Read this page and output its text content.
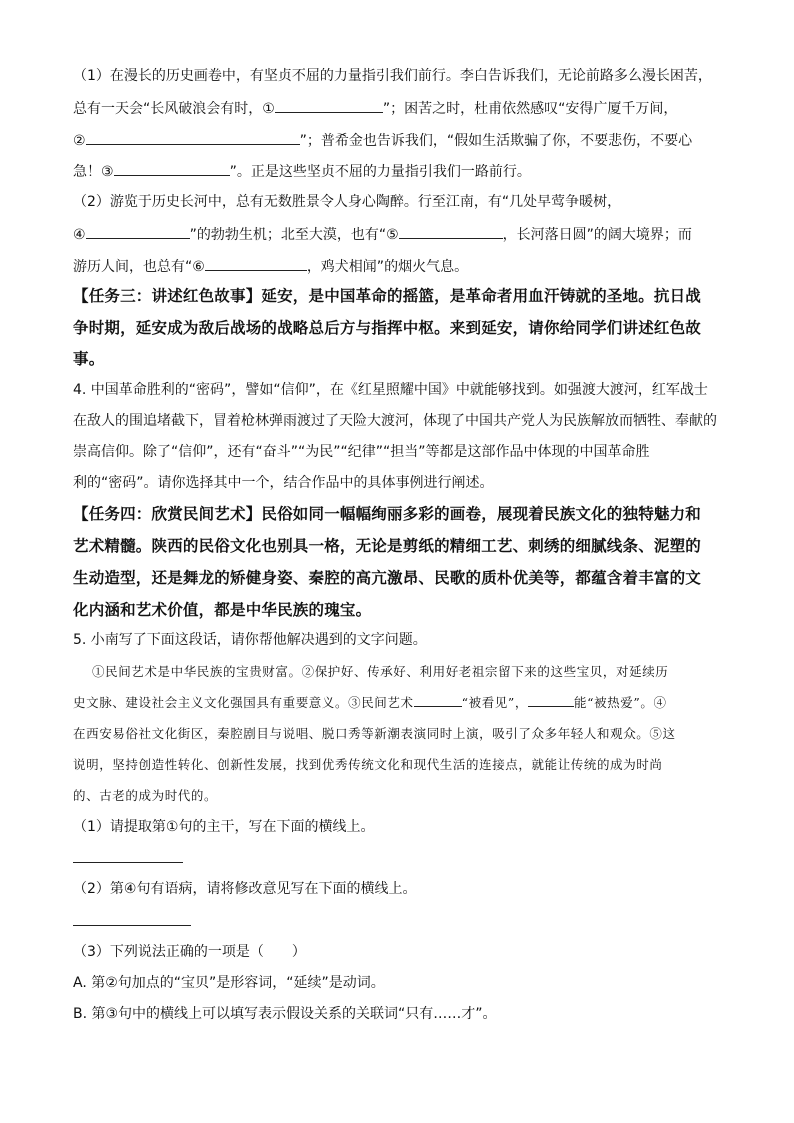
（1）在漫长的历史画卷中，有坚贞不屈的力量指引我们前行。李白告诉我们，无论前路多么漫长困苦，
总有一天会“长风破浪会有时，①	”；困苦之时，杜甫依然感叹“安得广厦千万间，
②	”；普希金也告诉我们，“假如生活欺骗了你，不要悲伤，不要心
急！③	”。正是这些坚贞不屈的力量指引我们一路前行。
（2）游览于历史长河中，总有无数胜景令人身心陶醉。行至江南，有“几处早莺争暖树，
④	”的勃勃生机；北至大漠，也有“⑤	，长河落日圆”的阔大境界；而
游历人间，也总有“⑥	，鸡犬相闻”的烟火气息。
【任务三：讲述红色故事】延安，是中国革命的摇篮，是革命者用血汗铸就的圣地。抗日战
争时期，延安成为敌后战场的战略总后方与指挥中枢。来到延安，请你给同学们讲述红色故
事。
4. 中国革命胜利的“密码”，譬如“信仰”，在《红星照耀中国》中就能够找到。如强渡大渡河，红军战士
在敌人的围追堵截下，冒着枪林弹雨渡过了天险大渡河，体现了中国共产党人为民族解放而牺牲、奉献的
崇高信仰。除了“信仰”，还有“奋斗”“为民”“纪律”“担当”等都是这部作品中体现的中国革命胜
利的“密码”。请你选择其中一个，结合作品中的具体事例进行阐述。
【任务四：欣赏民间艺术】民俗如同一幅幅绚丽多彩的画卷，展现着民族文化的独特魅力和
艺术精髓。陕西的民俗文化也别具一格，无论是剪纸的精细工艺、刺绣的细腻线条、泥塑的
生动造型，还是舞龙的矫健身姿、秦腔的高亢激昂、民歌的质朴优美等，都蕴含着丰富的文
化内涵和艺术价值，都是中华民族的瑰宝。
5. 小南写了下面这段话，请你帮他解决遇到的文字问题。
①民间艺术是中华民族的宝贵财富。②保护好、传承好、利用好老祖宗留下来的这些宝贝，对延续历
史文脉、建设社会主义文化强国具有重要意义。③民间艺术	“被看见”，	能“被热爱”。④
在西安易俗社文化街区，秦腔剧目与说唱、脱口秀等新潮表演同时上演，吸引了众多年轻人和观众。⑤这
说明，坚持创造性转化、创新性发展，找到优秀传统文化和现代生活的连接点，就能让传统的成为时尚
的、古老的成为时代的。
（1）请提取第①句的主干，写在下面的横线上。
（2）第④句有语病，请将修改意见写在下面的横线上。
（3）下列说法正确的一项是（　　）
A. 第②句加点的“宝贝”是形容词，“延续”是动词。
B. 第③句中的横线上可以填写表示假设关系的关联词“只有……才”。
